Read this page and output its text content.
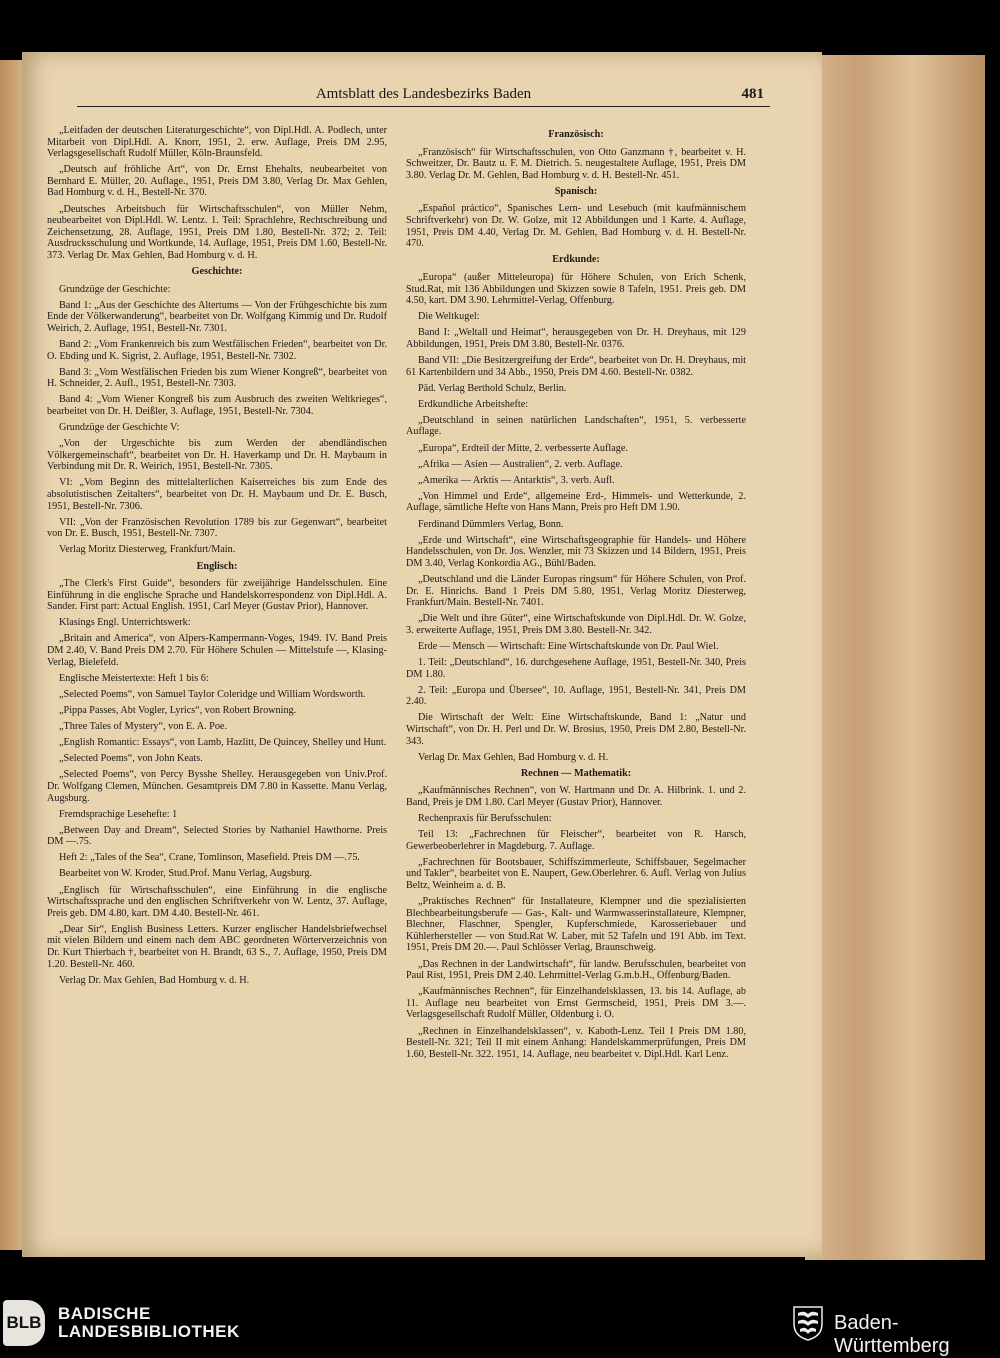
Amtsblatt des Landesbezirks Baden	481

„Leitfaden der deutschen Literaturgeschichte“, von Dipl.Hdl. A. Podlech, unter Mitarbeit von Dipl.Hdl. A. Knorr, 1951, 2. erw. Auflage, Preis DM 2.95, Verlagsgesellschaft Rudolf Müller, Köln-Braunsfeld.

„Deutsch auf fröhliche Art“, von Dr. Ernst Ehehalts, neubearbeitet von Bernhard E. Müller, 20. Auflage., 1951, Preis DM 3.80, Verlag Dr. Max Gehlen, Bad Homburg v. d. H., Bestell-Nr. 370.

„Deutsches Arbeitsbuch für Wirtschaftsschulen“, von Müller Nehm, neubearbeitet von Dipl.Hdl. W. Lentz. 1. Teil: Sprachlehre, Rechtschreibung und Zeichensetzung, 28. Auflage, 1951, Preis DM 1.80, Bestell-Nr. 372; 2. Teil: Ausdrucksschulung und Wortkunde, 14. Auflage, 1951, Preis DM 1.60, Bestell-Nr. 373. Verlag Dr. Max Gehlen, Bad Homburg v. d. H.

Geschichte:

Grundzüge der Geschichte:

Band 1: „Aus der Geschichte des Altertums — Von der Frühgeschichte bis zum Ende der Völkerwanderung“, bearbeitet von Dr. Wolfgang Kimmig und Dr. Rudolf Weirich, 2. Auflage, 1951, Bestell-Nr. 7301.

Band 2: „Vom Frankenreich bis zum Westfälischen Frieden“, bearbeitet von Dr. O. Ebding und K. Sigrist, 2. Auflage, 1951, Bestell-Nr. 7302.

Band 3: „Vom Westfälischen Frieden bis zum Wiener Kongreß“, bearbeitet von H. Schneider, 2. Aufl., 1951, Bestell-Nr. 7303.

Band 4: „Vom Wiener Kongreß bis zum Ausbruch des zweiten Weltkrieges“, bearbeitet von Dr. H. Deißler, 3. Auflage, 1951, Bestell-Nr. 7304.

Grundzüge der Geschichte V:

„Von der Urgeschichte bis zum Werden der abendländischen Völkergemeinschaft“, bearbeitet von Dr. H. Haverkamp und Dr. H. Maybaum in Verbindung mit Dr. R. Weirich, 1951, Bestell-Nr. 7305.

VI: „Vom Beginn des mittelalterlichen Kaiserreiches bis zum Ende des absolutistischen Zeitalters“, bearbeitet von Dr. H. Maybaum und Dr. E. Busch, 1951, Bestell-Nr. 7306.

VII: „Von der Französischen Revolution 1789 bis zur Gegenwart“, bearbeitet von Dr. E. Busch, 1951, Bestell-Nr. 7307.

Verlag Moritz Diesterweg, Frankfurt/Main.

Englisch:

„The Clerk's First Guide“, besonders für zweijährige Handelsschulen. Eine Einführung in die englische Sprache und Handelskorrespondenz von Dipl.Hdl. A. Sander. First part: Actual English. 1951, Carl Meyer (Gustav Prior), Hannover.

Klasings Engl. Unterrichtswerk:

„Britain and America“, von Alpers-Kampermann-Voges, 1949. IV. Band Preis DM 2.40, V. Band Preis DM 2.70. Für Höhere Schulen — Mittelstufe —, Klasing-Verlag, Bielefeld.

Englische Meistertexte: Heft 1 bis 6:

„Selected Poems“, von Samuel Taylor Coleridge und William Wordsworth.

„Pippa Passes, Abt Vogler, Lyrics“, von Robert Browning.

„Three Tales of Mystery“, von E. A. Poe.

„English Romantic: Essays“, von Lamb, Hazlitt, De Quincey, Shelley und Hunt.

„Selected Poems“, von John Keats.

„Selected Poems“, von Percy Bysshe Shelley. Herausgegeben von Univ.Prof. Dr. Wolfgang Clemen, München. Gesamtpreis DM 7.80 in Kassette. Manu Verlag, Augsburg.

Fremdsprachige Lesehefte: 1

„Between Day and Dream“, Selected Stories by Nathaniel Hawthorne. Preis DM —.75.

Heft 2: „Tales of the Sea“, Crane, Tomlinson, Masefield. Preis DM —.75.

Bearbeitet von W. Kroder, Stud.Prof. Manu Verlag, Augsburg.

„Englisch für Wirtschaftsschulen“, eine Einführung in die englische Wirtschaftssprache und den englischen Schriftverkehr von W. Lentz, 37. Auflage, Preis geb. DM 4.80, kart. DM 4.40. Bestell-Nr. 461.

„Dear Sir“, English Business Letters. Kurzer englischer Handelsbriefwechsel mit vielen Bildern und einem nach dem ABC geordneten Wörterverzeichnis von Dr. Kurt Thierbach †, bearbeitet von H. Brandt, 63 S., 7. Auflage, 1950, Preis DM 1.20. Bestell-Nr. 460.

Verlag Dr. Max Gehlen, Bad Homburg v. d. H.

Französisch:

„Französisch“ für Wirtschaftsschulen, von Otto Ganzmann †, bearbeitet v. H. Schweitzer, Dr. Bautz u. F. M. Dietrich. 5. neugestaltete Auflage, 1951, Preis DM 3.80. Verlag Dr. M. Gehlen, Bad Homburg v. d. H. Bestell-Nr. 451.

Spanisch:

„Español práctico“, Spanisches Lern- und Lesebuch (mit kaufmännischem Schriftverkehr) von Dr. W. Golze, mit 12 Abbildungen und 1 Karte. 4. Auflage, 1951, Preis DM 4.40, Verlag Dr. M. Gehlen, Bad Homburg v. d. H. Bestell-Nr. 470.

Erdkunde:

„Europa“ (außer Mitteleuropa) für Höhere Schulen, von Erich Schenk, Stud.Rat, mit 136 Abbildungen und Skizzen sowie 8 Tafeln, 1951. Preis geb. DM 4.50, kart. DM 3.90. Lehrmittel-Verlag, Offenburg.

Die Weltkugel:

Band I: „Weltall und Heimat“, herausgegeben von Dr. H. Dreyhaus, mit 129 Abbildungen, 1951, Preis DM 3.80, Bestell-Nr. 0376.

Band VII: „Die Besitzergreifung der Erde“, bearbeitet von Dr. H. Dreyhaus, mit 61 Kartenbildern und 34 Abb., 1950, Preis DM 4.60. Bestell-Nr. 0382.

Päd. Verlag Berthold Schulz, Berlin.

Erdkundliche Arbeitshefte:

„Deutschland in seinen natürlichen Landschaften“, 1951, 5. verbesserte Auflage.

„Europa“, Erdteil der Mitte, 2. verbesserte Auflage.

„Afrika — Asien — Australien“, 2. verb. Auflage.

„Amerika — Arktis — Antarktis“, 3. verb. Aufl.

„Von Himmel und Erde“, allgemeine Erd-, Himmels- und Wetterkunde, 2. Auflage, sämtliche Hefte von Hans Mann, Preis pro Heft DM 1.90.

Ferdinand Dümmlers Verlag, Bonn.

„Erde und Wirtschaft“, eine Wirtschaftsgeographie für Handels- und Höhere Handelsschulen, von Dr. Jos. Wenzler, mit 73 Skizzen und 14 Bildern, 1951, Preis DM 3.40, Verlag Konkordia AG., Bühl/Baden.

„Deutschland und die Länder Europas ringsum“ für Höhere Schulen, von Prof. Dr. E. Hinrichs. Band 1 Preis DM 5.80, 1951, Verlag Moritz Diesterweg, Frankfurt/Main. Bestell-Nr. 7401.

„Die Welt und ihre Güter“, eine Wirtschaftskunde von Dipl.Hdl. Dr. W. Golze, 3. erweiterte Auflage, 1951, Preis DM 3.80. Bestell-Nr. 342.

Erde — Mensch — Wirtschaft: Eine Wirtschaftskunde von Dr. Paul Wiel.

1. Teil: „Deutschland“, 16. durchgesehene Auflage, 1951, Bestell-Nr. 340, Preis DM 1.80.

2. Teil: „Europa und Übersee“, 10. Auflage, 1951, Bestell-Nr. 341, Preis DM 2.40.

Die Wirtschaft der Welt: Eine Wirtschaftskunde, Band 1: „Natur und Wirtschaft“, von Dr. H. Perl und Dr. W. Brosius, 1950, Preis DM 2.80, Bestell-Nr. 343.

Verlag Dr. Max Gehlen, Bad Homburg v. d. H.

Rechnen — Mathematik:

„Kaufmännisches Rechnen“, von W. Hartmann und Dr. A. Hilbrink. 1. und 2. Band, Preis je DM 1.80. Carl Meyer (Gustav Prior), Hannover.

Rechenpraxis für Berufsschulen:

Teil 13: „Fachrechnen für Fleischer“, bearbeitet von R. Harsch, Gewerbeoberlehrer in Magdeburg. 7. Auflage.

„Fachrechnen für Bootsbauer, Schiffszimmerleute, Schiffsbauer, Segelmacher und Takler“, bearbeitet von E. Naupert, Gew.Oberlehrer. 6. Aufl. Verlag von Julius Beltz, Weinheim a. d. B.

„Praktisches Rechnen“ für Installateure, Klempner und die spezialisierten Blechbearbeitungsberufe — Gas-, Kalt- und Warmwasserinstallateure, Klempner, Blechner, Flaschner, Spengler, Kupferschmiede, Karosseriebauer und Kühlerhersteller — von Stud.Rat W. Laber, mit 52 Tafeln und 191 Abb. im Text. 1951, Preis DM 20.—. Paul Schlösser Verlag, Braunschweig.

„Das Rechnen in der Landwirtschaft“, für landw. Berufsschulen, bearbeitet von Paul Rist, 1951, Preis DM 2.40. Lehrmittel-Verlag G.m.b.H., Offenburg/Baden.

„Kaufmännisches Rechnen“, für Einzelhandelsklassen, 13. bis 14. Auflage, ab 11. Auflage neu bearbeitet von Ernst Germscheid, 1951, Preis DM 3.—. Verlagsgesellschaft Rudolf Müller, Oldenburg i. O.

„Rechnen in Einzelhandelsklassen“, v. Kaboth-Lenz. Teil I Preis DM 1.80, Bestell-Nr. 321; Teil II mit einem Anhang: Handelskammerprüfungen, Preis DM 1.60, Bestell-Nr. 322. 1951, 14. Auflage, neu bearbeitet v. Dipl.Hdl. Karl Lenz.

BLB BADISCHE
LANDESBIBLIOTHEK	Baden-Württemberg
